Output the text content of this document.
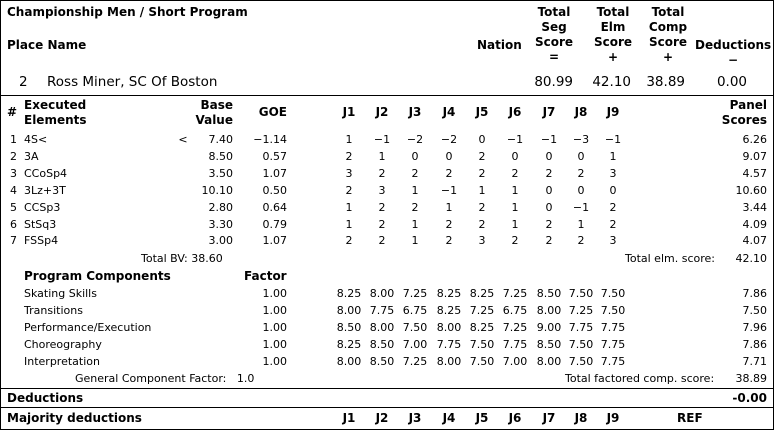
Championship Men / Short Program
Place Name	Nation
Total
Seg
Score
=
Total
Elm
Score
+
Total
Comp
Score
+
Deductions
−
2 Ross Miner, SC Of Boston	80.99	42.10	38.89	0.00
# Executed
Elements
Base
Value
GOE	J1	J2	J3	J4	J5	J6	J7	J8	J9	Panel
Scores
1 4S<	<	7.40	−1.14	1	−1	−2	−2	0	−1	−1	−3	−1	6.26
2 3A	8.50	0.57	2	1	0	0	2	0	0	0	1	9.07
3 CCoSp4	3.50	1.07	3	2	2	2	2	2	2	2	3	4.57
4 3Lz+3T	10.10	0.50	2	3	1	−1	1	1	0	0	0	10.60
5 CCSp3	2.80	0.64	1	2	2	1	2	1	0	−1	2	3.44
6 StSq3	3.30	0.79	1	2	1	2	2	1	2	1	2	4.09
7 FSSp4	3.00	1.07	2	2	1	2	3	2	2	2	3	4.07
Total BV: 38.60	Total elm. score:	42.10
Program Components	Factor
Skating Skills	1.00	8.25 8.00 7.25 8.25 8.25 7.25 8.50 7.50 7.50	7.86
Transitions	1.00	8.00 7.75 6.75 8.25 7.25 6.75 8.00 7.25 7.50	7.50
Performance/Execution	1.00	8.50 8.00 7.50 8.00 8.25 7.25 9.00 7.75 7.75	7.96
Choreography	1.00	8.25 8.50 7.00 7.75 7.50 7.75 8.50 7.50 7.75	7.86
Interpretation	1.00	8.00 8.50 7.25 8.00 7.50 7.00 8.00 7.50 7.75	7.71
General Component Factor: 1.0	Total factored comp. score:	38.89
Deductions	-0.00
Majority deductions	J1	J2	J3	J4	J5	J6	J7	J8	J9	REF
